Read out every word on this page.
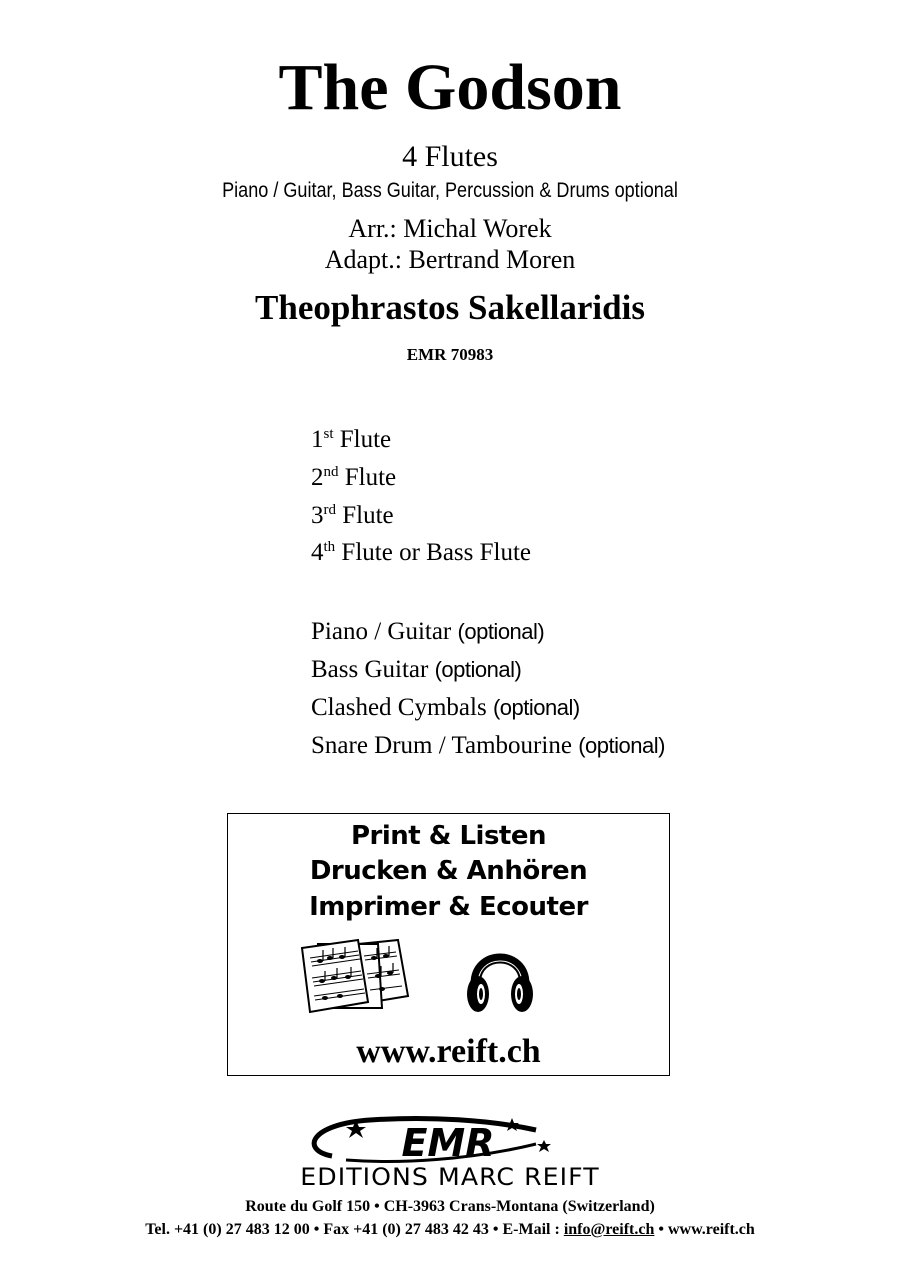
The Godson
4 Flutes
Piano / Guitar, Bass Guitar, Percussion & Drums optional
Arr.: Michal Worek
Adapt.: Bertrand Moren
Theophrastos Sakellaridis
EMR 70983
1st Flute
2nd Flute
3rd Flute
4th Flute or Bass Flute
Piano / Guitar (optional)
Bass Guitar (optional)
Clashed Cymbals (optional)
Snare Drum / Tambourine (optional)
Print & Listen
Drucken & Anhören
Imprimer & Ecouter
www.reift.ch
EMR
EDITIONS MARC REIFT
Route du Golf 150 • CH-3963 Crans-Montana (Switzerland)
Tel. +41 (0) 27 483 12 00 • Fax +41 (0) 27 483 42 43 • E-Mail : info@reift.ch • www.reift.ch
